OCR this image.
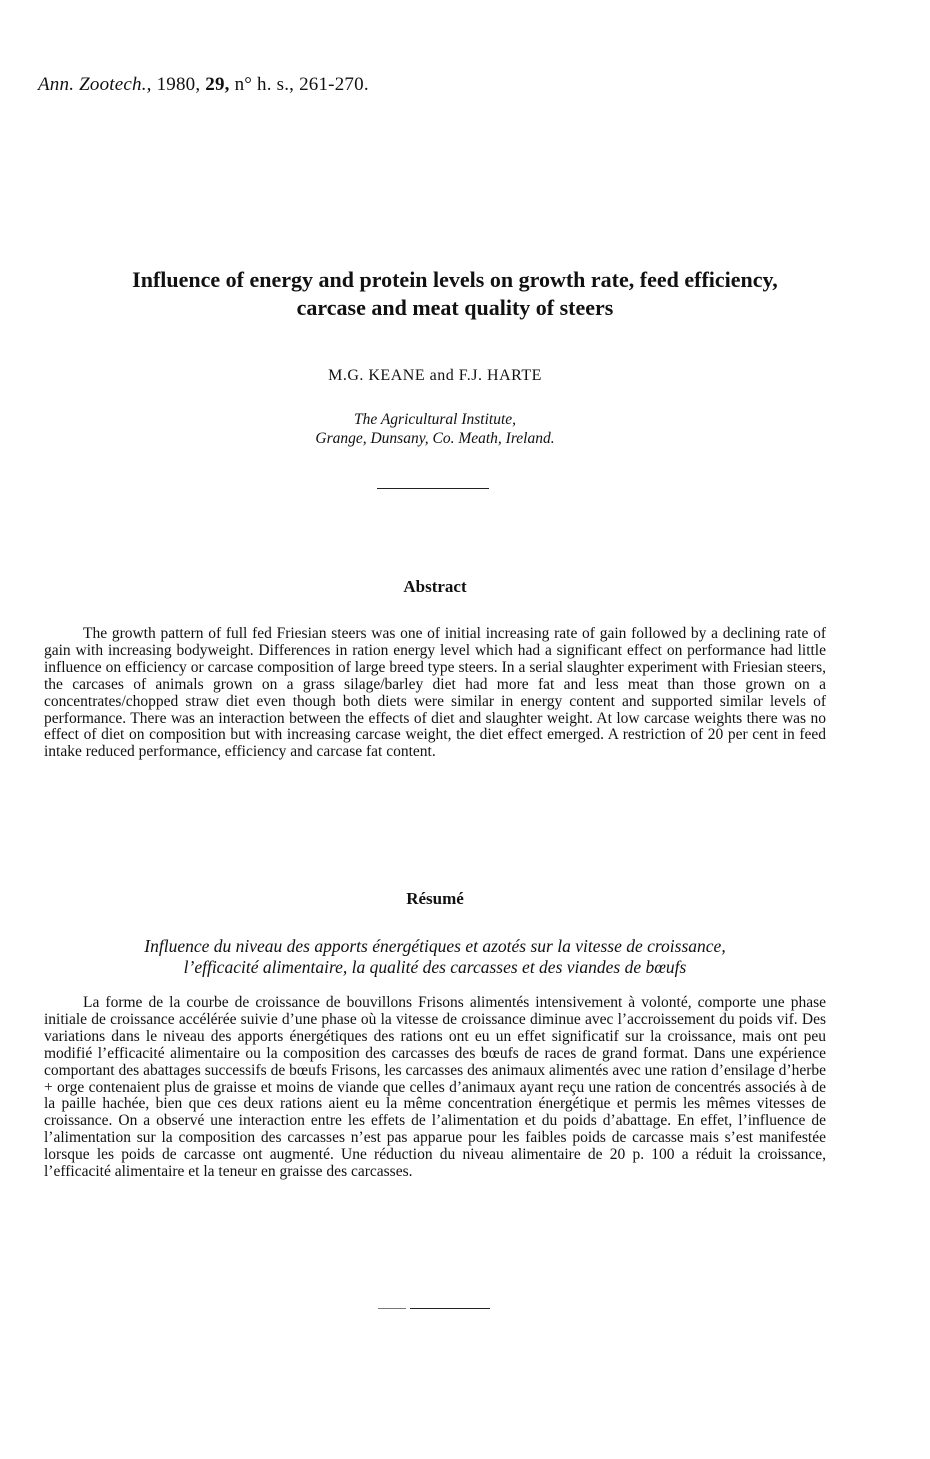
Ann. Zootech., 1980, 29, n° h. s., 261-270.
Influence of energy and protein levels on growth rate, feed efficiency,
carcase and meat quality of steers
M.G. KEANE and F.J. HARTE
The Agricultural Institute,
Grange, Dunsany, Co. Meath, Ireland.
Abstract

The growth pattern of full fed Friesian steers was one of initial increasing rate of gain followed by a declining rate of gain with increasing bodyweight. Differences in ration energy level which had a significant effect on performance had little influence on efficiency or carcase composition of large breed type steers. In a serial slaughter experiment with Friesian steers, the carcases of animals grown on a grass silage/barley diet had more fat and less meat than those grown on a concentrates/chopped straw diet even though both diets were similar in energy content and supported similar levels of performance. There was an interaction between the effects of diet and slaughter weight. At low carcase weights there was no effect of diet on composition but with increasing carcase weight, the diet effect emerged. A restriction of 20 per cent in feed intake reduced performance, efficiency and carcase fat content.

Résumé
Influence du niveau des apports énergétiques et azotés sur la vitesse de croissance,
l’efficacité alimentaire, la qualité des carcasses et des viandes de bœufs

La forme de la courbe de croissance de bouvillons Frisons alimentés intensivement à volonté, comporte une phase initiale de croissance accélérée suivie d’une phase où la vitesse de croissance diminue avec l’accroissement du poids vif. Des variations dans le niveau des apports énergétiques des rations ont eu un effet significatif sur la croissance, mais ont peu modifié l’efficacité alimentaire ou la composition des carcasses des bœufs de races de grand format. Dans une expérience comportant des abattages successifs de bœufs Frisons, les carcasses des animaux alimentés avec une ration d’ensilage d’herbe + orge contenaient plus de graisse et moins de viande que celles d’animaux ayant reçu une ration de concentrés associés à de la paille hachée, bien que ces deux rations aient eu la même concentration énergétique et permis les mêmes vitesses de croissance. On a observé une interaction entre les effets de l’alimentation et du poids d’abattage. En effet, l’influence de l’alimentation sur la composition des carcasses n’est pas apparue pour les faibles poids de carcasse mais s’est manifestée lorsque les poids de carcasse ont augmenté. Une réduction du niveau alimentaire de 20 p. 100 a réduit la croissance, l’efficacité alimentaire et la teneur en graisse des carcasses.
